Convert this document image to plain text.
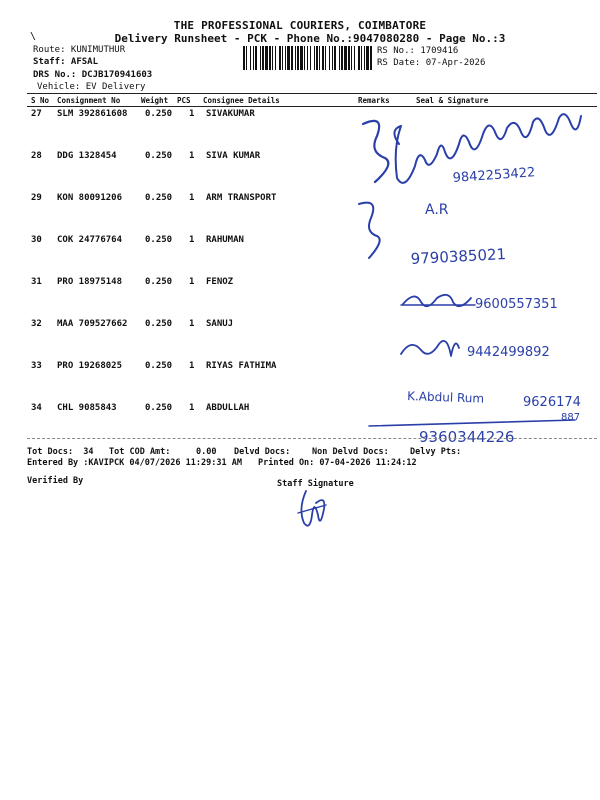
THE PROFESSIONAL COURIERS, COIMBATORE
\	Delivery Runsheet - PCK - Phone No.:9047080280 - Page No.:3
Route: KUNIMUTHUR
Staff: AFSAL
DRS No.: DCJB170941603
Vehicle: EV Delivery
RS No.: 1709416
RS Date: 07-Apr-2026
S No Consignment No	Weight PCS Consignee Details	Remarks	Seal & Signature
27 SLM 392861608 0.250 1 SIVAKUMAR
28 DDG 1328454	0.250 1 SIVA KUMAR
29 KON 80091206	0.250 1 ARM TRANSPORT
30 COK 24776764	0.250 1 RAHUMAN
31 PRO 18975148	0.250 1 FENOZ
32 MAA 709527662 0.250 1 SANUJ
33 PRO 19268025	0.250 1 RIYAS FATHIMA
34 CHL 9085843	0.250 1 ABDULLAH
9842253422
A.R
9790385021
9600557351
9442499892
K.Abdul Rum	9626174
887
9360344226
Tot Docs:  34 Tot COD Amt:     0.00 Delvd Docs:	Non Delvd Docs: Delvy Pts:
Entered By :KAVIPCK 04/07/2026 11:29:31 AM Printed On: 07-04-2026 11:24:12
Verified By	Staff Signature
